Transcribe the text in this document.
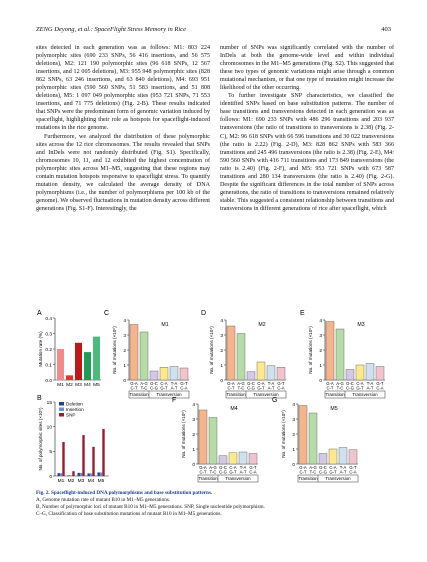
ZENG Deyong, et al.: SpaceFlight Stress Memory in Rice	403

sites detected in each generation was as follows: M1: 803 224 polymorphic sites (690 233 SNPs, 56 416 insertions, and 56 575 deletions), M2: 121 190 polymorphic sites (96 618 SNPs, 12 567 insertions, and 12 005 deletions), M3: 955 948 polymorphic sites (828 862 SNPs, 63 246 insertions, and 63 840 deletions), M4: 693 951 polymorphic sites (590 560 SNPs, 51 583 insertions, and 51 808 deletions), M5: 1 097 049 polymorphic sites (953 721 SNPs, 71 553 insertions, and 71 775 deletions) (Fig. 2-B). These results indicated that SNPs were the predominant form of genomic variation induced by spaceflight, highlighting their role as hotspots for spaceflight-induced mutations in the rice genome.

Furthermore, we analyzed the distribution of these polymorphic sites across the 12 rice chromosomes. The results revealed that SNPs and InDels were not randomly distributed (Fig. S1). Specifically, chromosomes 10, 11, and 12 exhibited the highest concentration of polymorphic sites across M1–M5, suggesting that these regions may contain mutation hotspots responsive to spaceflight stress. To quantify mutation density, we calculated the average density of DNA polymorphisms (i.e., the number of polymorphisms per 100 kb of the genome). We observed fluctuations in mutation density across different generations (Fig. S1-F). Interestingly, the

number of SNPs was significantly correlated with the number of InDels at both the genome-wide level and within individual chromosomes in the M1–M5 generations (Fig. S2). This suggested that these two types of genomic variations might arise through a common mutational mechanism, or that one type of mutation might increase the likelihood of the other occurring.

To further investigate SNP characteristics, we classified the identified SNPs based on base substitution patterns. The number of base transitions and transversions detected in each generation was as follows: M1: 690 233 SNPs with 486 296 transitions and 203 937 transversions (the ratio of transitions to transversions is 2.38) (Fig. 2-C), M2: 96 618 SNPs with 66 596 transitions and 30 022 transversions (the ratio is 2.22) (Fig. 2-D), M3: 828 862 SNPs with 583 366 transitions and 245 496 transversions (the ratio is 2.38) (Fig. 2-E), M4: 590 560 SNPs with 416 711 transitions and 173 849 transversions (the ratio is 2.40) (Fig. 2-F), and M5: 953 721 SNPs with 673 587 transitions and 280 134 transversions (the ratio is 2.40) (Fig. 2-G). Despite the significant differences in the total number of SNPs across generations, the ratio of transitions to transversions remained relatively stable. This suggested a consistent relationship between transitions and transversions in different generations of rice after spaceflight, which

A
0.0
0.1
0.2
0.3
0.4
Mutation rate (%)
M1 M2 M3 M4 M5
B
0
5
10
15
No. of polymorphic sites (×10⁵)
M1 M2 M3 M4 M5
Deletion
Insertion
SNP
C
0
1
2
3
4
No. of mutations (×10⁵)
M1
G-A
C-T
A-G
T-C
G-C
C-G
C-A
G-T
T-A
A-T
G-T
C-A
Transition Transversion
D
0
1
2
3
4
No. of mutations (×10⁴)
M2
G-A
C-T
A-G
T-C
G-C
C-G
C-A
G-T
T-A
A-T
G-T
C-A
Transition Transversion
E
0
1
2
3
4
No. of mutations (×10⁵)
M3
G-A
C-T
A-G
T-C
G-C
C-G
C-A
G-T
T-A
A-T
G-T
C-A
Transition Transversion
F
0
1
2
3
4
No. of mutations (×10⁵)
M4
G-A
C-T
A-G
T-C
G-C
C-G
C-A
G-T
T-A
A-T
G-T
C-A
Transition Transversion
G
0
1
2
3
4
No. of mutations (×10⁵)
M5
G-A
C-T
A-G
T-C
G-C
C-G
C-A
G-T
T-A
A-T
G-T
C-A
Transition Transversion
Fig. 2. Spaceflight-induced DNA polymorphisms and base substitution patterns.
A, Genome mutation rate of mutant B10 in M1–M5 generations.
B, Number of polymorphic loci of mutant B10 in M1–M5 generations. SNP, Single nucleotide polymorphism.
C–G, Classification of base substitution mutations of mutant B10 in M1–M5 generations.
